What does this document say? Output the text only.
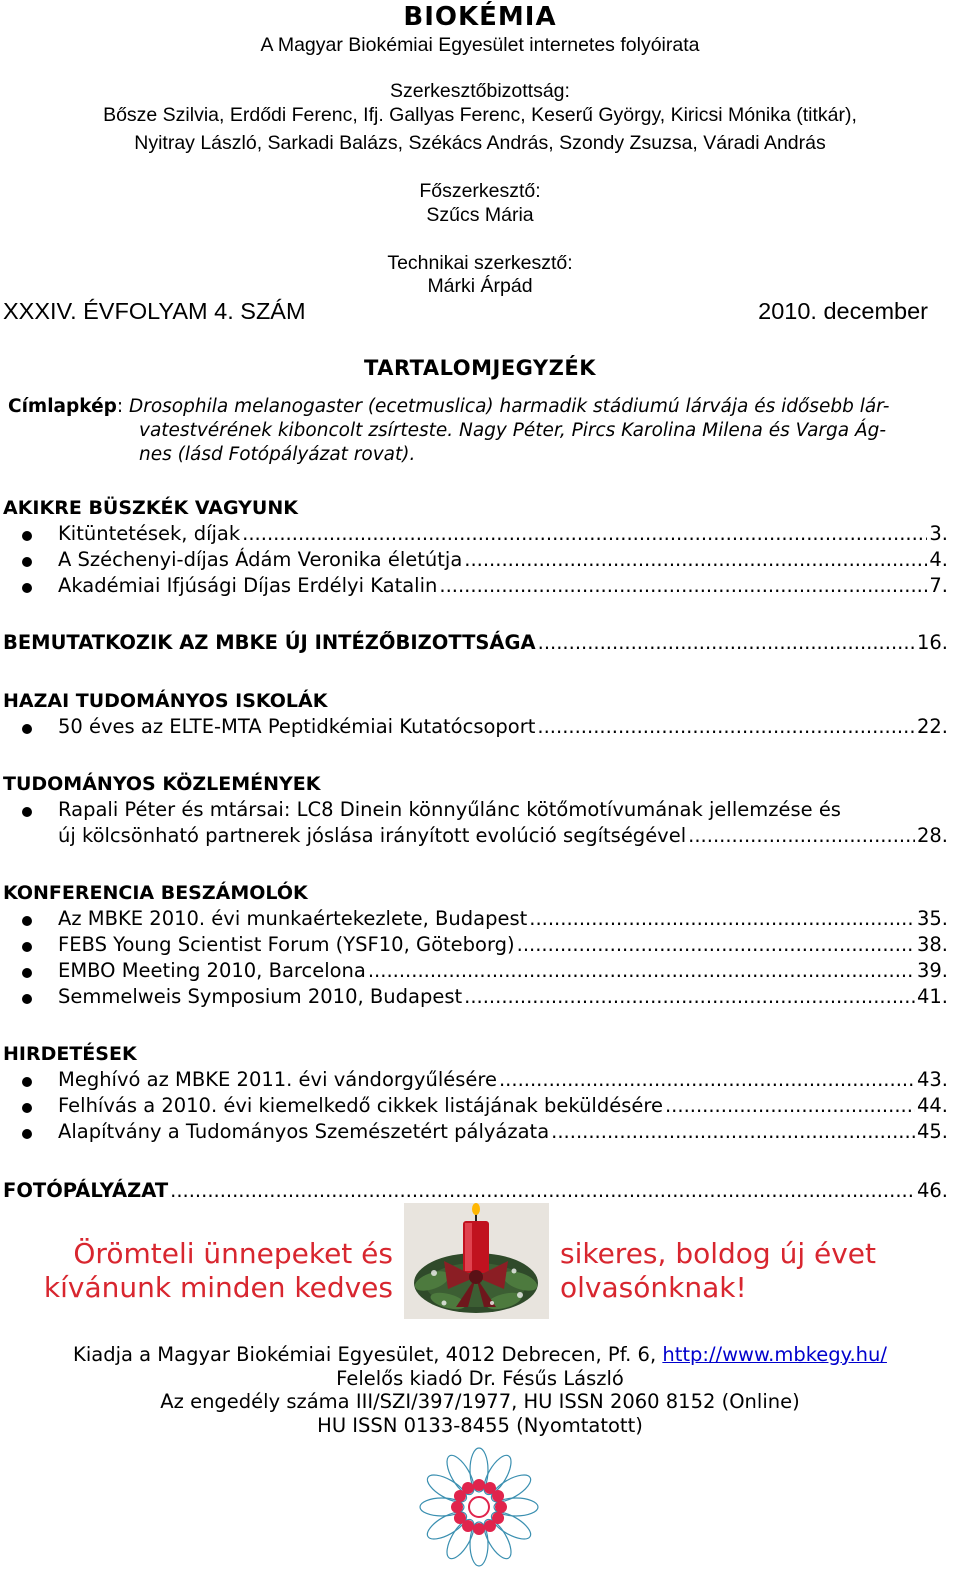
BIOKÉMIA
A Magyar Biokémiai Egyesület internetes folyóirata
Szerkesztőbizottság:
Bősze Szilvia, Erdődi Ferenc, Ifj. Gallyas Ferenc, Keserű György, Kiricsi Mónika (titkár),
Nyitray László, Sarkadi Balázs, Székács András, Szondy Zsuzsa, Váradi András
Főszerkesztő:
Szűcs Mária
Technikai szerkesztő:
Márki Árpád
XXXIV. ÉVFOLYAM 4. SZÁM	2010. december
TARTALOMJEGYZÉK
Címlapkép: Drosophila melanogaster (ecetmuslica) harmadik stádiumú lárvája és idősebb lár-
vatestvérének kiboncolt zsírteste. Nagy Péter, Pircs Karolina Milena és Varga Ág-
nes (lásd Fotópályázat rovat).
AKIKRE BÜSZKÉK VAGYUNK
Kitüntetések, díjak .....	3.
A Széchenyi-díjas Ádám Veronika életútja .....	4.
Akadémiai Ifjúsági Díjas Erdélyi Katalin .....	7.
BEMUTATKOZIK AZ MBKE ÚJ INTÉZŐBIZOTTSÁGA .....	16.
HAZAI TUDOMÁNYOS ISKOLÁK
50 éves az ELTE-MTA Peptidkémiai Kutatócsoport .....	22.
TUDOMÁNYOS KÖZLEMÉNYEK
Rapali Péter és mtársai: LC8 Dinein könnyűlánc kötőmotívumának jellemzése és
új kölcsönható partnerek jóslása irányított evolúció segítségével .....	28.
KONFERENCIA BESZÁMOLÓK
Az MBKE 2010. évi munkaértekezlete, Budapest .....	35.
FEBS Young Scientist Forum (YSF10, Göteborg) .....	38.
EMBO Meeting 2010, Barcelona .....	39.
Semmelweis Symposium 2010, Budapest .....	41.
HIRDETÉSEK
Meghívó az MBKE 2011. évi vándorgyűlésére .....	43.
Felhívás a 2010. évi kiemelkedő cikkek listájának beküldésére .....	44.
Alapítvány a Tudományos Szemészetért pályázata .....	45.
FOTÓPÁLYÁZAT .....	46.
Örömteli ünnepeket és
kívánunk minden kedves
sikeres, boldog új évet
olvasónknak!
Kiadja a Magyar Biokémiai Egyesület, 4012 Debrecen, Pf. 6, http://www.mbkegy.hu/
Felelős kiadó Dr. Fésűs László
Az engedély száma III/SZI/397/1977, HU ISSN 2060 8152 (Online)
HU ISSN 0133-8455 (Nyomtatott)
